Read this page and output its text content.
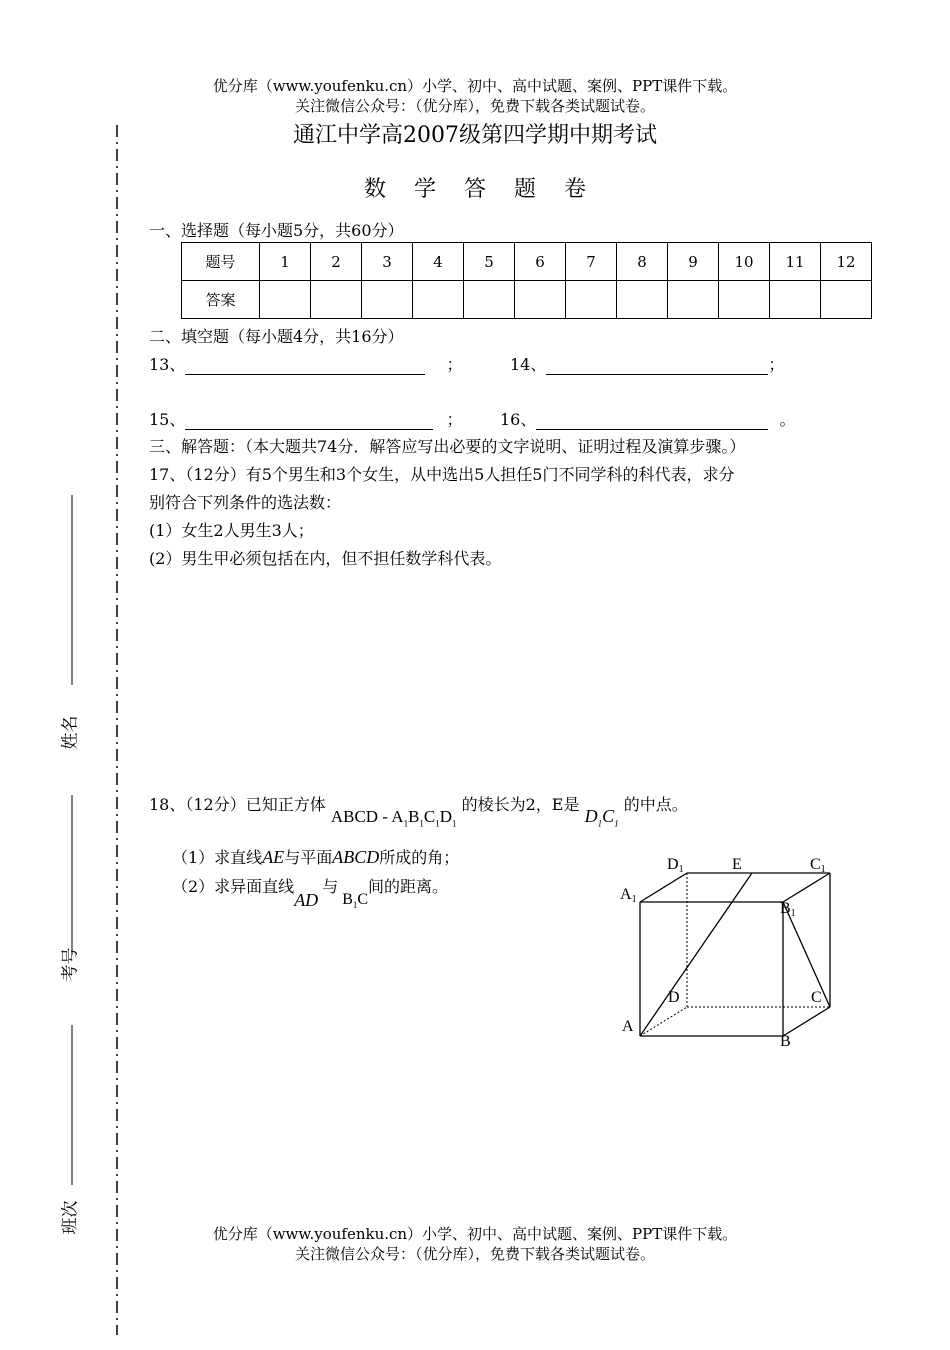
优分库（www.youfenku.cn）小学、初中、高中试题、案例、PPT课件下载。
关注微信公众号：（优分库），免费下载各类试题试卷。
姓名
考号
班次
通江中学高2007级第四学期中期考试
数学答题卷
一、选择题（每小题5分，共60分）
题号	1	2	3	4	5	6	7	8	9	10	11	12
答案												
二、填空题（每小题4分，共16分）
13、	；	14、	；
15、	； 16、	。
三、解答题：（本大题共74分．解答应写出必要的文字说明、证明过程及演算步骤。）
17、（12分）有5个男生和3个女生，从中选出5人担任5门不同学科的科代表，求分
别符合下列条件的选法数：
(1）女生2人男生3人；
(2）男生甲必须包括在内，但不担任数学科代表。
18、（12分）已知正方体 ABCD - $A_1B_1C_1D_1$ 的棱长为2，E是 $D_1C_1$ 的中点。
（1）求直线AE与平面ABCD所成的角；
（2）求异面直线AD与$B_1C$间的距离。
D1	E	C1
A1
B1
D	C
A
B
优分库（www.youfenku.cn）小学、初中、高中试题、案例、PPT课件下载。
关注微信公众号：（优分库），免费下载各类试题试卷。
